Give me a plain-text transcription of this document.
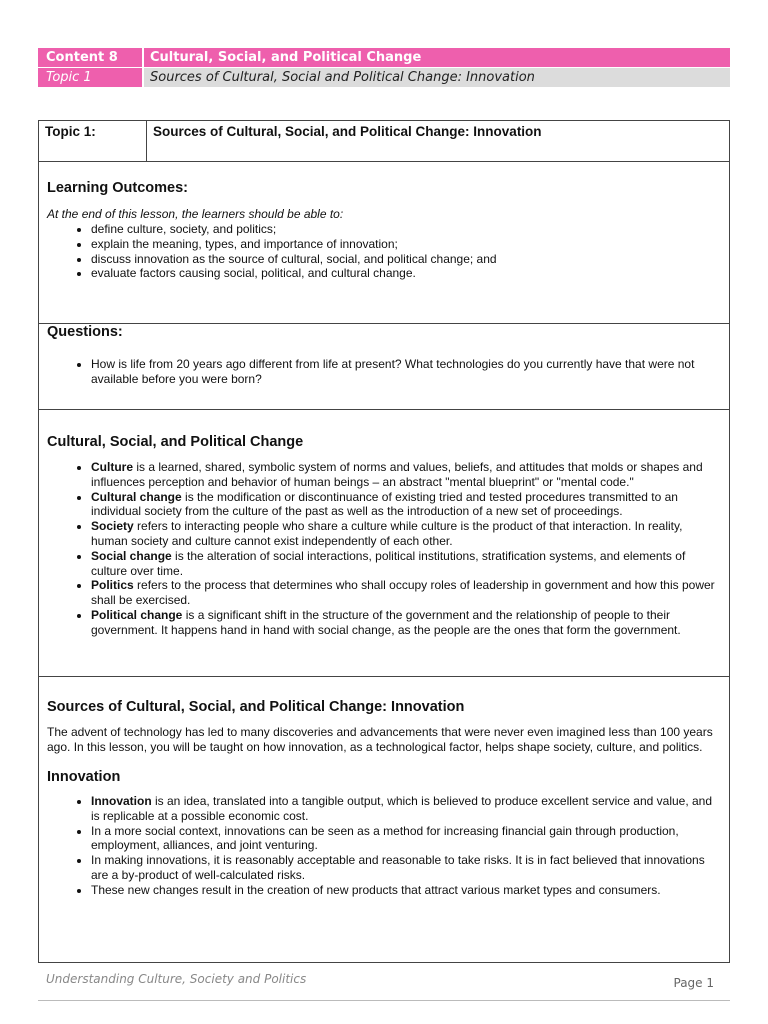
Content 8	Cultural, Social, and Political Change
Topic 1	Sources of Cultural, Social and Political Change: Innovation
Topic 1:	Sources of Cultural, Social, and Political Change: Innovation
Learning Outcomes:

At the end of this lesson, the learners should be able to:

• define culture, society, and politics;
• explain the meaning, types, and importance of innovation;
• discuss innovation as the source of cultural, social, and political change; and
• evaluate factors causing social, political, and cultural change.
Questions:
• How is life from 20 years ago different from life at present? What technologies do you currently have that were not available before you were born?
Cultural, Social, and Political Change
• Culture is a learned, shared, symbolic system of norms and values, beliefs, and attitudes that molds or shapes and influences perception and behavior of human beings – an abstract "mental blueprint" or "mental code."
• Cultural change is the modification or discontinuance of existing tried and tested procedures transmitted to an individual society from the culture of the past as well as the introduction of a new set of proceedings.
• Society refers to interacting people who share a culture while culture is the product of that interaction. In reality, human society and culture cannot exist independently of each other.
• Social change is the alteration of social interactions, political institutions, stratification systems, and elements of culture over time.
• Politics refers to the process that determines who shall occupy roles of leadership in government and how this power shall be exercised.
• Political change is a significant shift in the structure of the government and the relationship of people to their government. It happens hand in hand with social change, as the people are the ones that form the government.
Sources of Cultural, Social, and Political Change: Innovation

The advent of technology has led to many discoveries and advancements that were never even imagined less than 100 years ago. In this lesson, you will be taught on how innovation, as a technological factor, helps shape society, culture, and politics.

Innovation
• Innovation is an idea, translated into a tangible output, which is believed to produce excellent service and value, and is replicable at a possible economic cost.
• In a more social context, innovations can be seen as a method for increasing financial gain through production, employment, alliances, and joint venturing.
• In making innovations, it is reasonably acceptable and reasonable to take risks. It is in fact believed that innovations are a by-product of well-calculated risks.
• These new changes result in the creation of new products that attract various market types and consumers.
Understanding Culture, Society and Politics	Page 1
